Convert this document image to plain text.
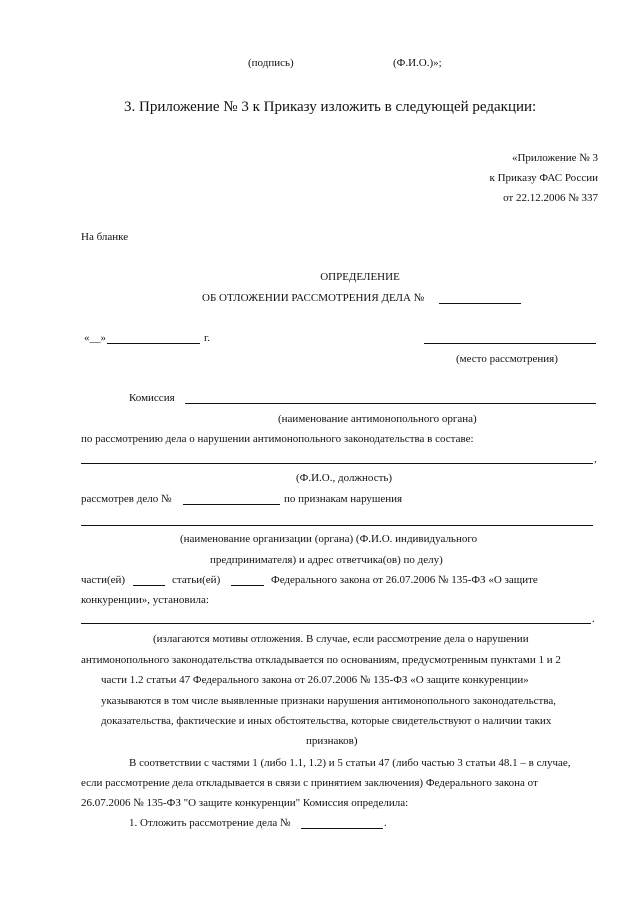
(подпись)	(Ф.И.О.)»;
3. Приложение № 3 к Приказу изложить в следующей редакции:
«Приложение № 3
к Приказу ФАС России
от 22.12.2006 № 337
На бланке
ОПРЕДЕЛЕНИЕ
ОБ ОТЛОЖЕНИИ РАССМОТРЕНИЯ ДЕЛА №
«__»	г.
(место рассмотрения)
Комиссия
(наименование антимонопольного органа)
по рассмотрению дела о нарушении антимонопольного законодательства в составе:
,
(Ф.И.О., должность)
рассмотрев дело №	по признакам нарушения
(наименование организации (органа) (Ф.И.О. индивидуального
предпринимателя) и адрес ответчика(ов) по делу)
части(ей)	статьи(ей)	Федерального закона от 26.07.2006 № 135-ФЗ «О защите
конкуренции», установила:
.
(излагаются мотивы отложения. В случае, если рассмотрение дела о нарушении
антимонопольного законодательства откладывается по основаниям, предусмотренным пунктами 1 и 2
части 1.2 статьи 47 Федерального закона от 26.07.2006 № 135-ФЗ «О защите конкуренции»
указываются в том числе выявленные признаки нарушения антимонопольного законодательства,
доказательства, фактические и иных обстоятельства, которые свидетельствуют о наличии таких
признаков)
В соответствии с частями 1 (либо 1.1, 1.2) и 5 статьи 47 (либо частью 3 статьи 48.1 – в случае,
если рассмотрение дела откладывается в связи с принятием заключения) Федерального закона от
26.07.2006 № 135-ФЗ "О защите конкуренции" Комиссия определила:
1. Отложить рассмотрение дела №	.
